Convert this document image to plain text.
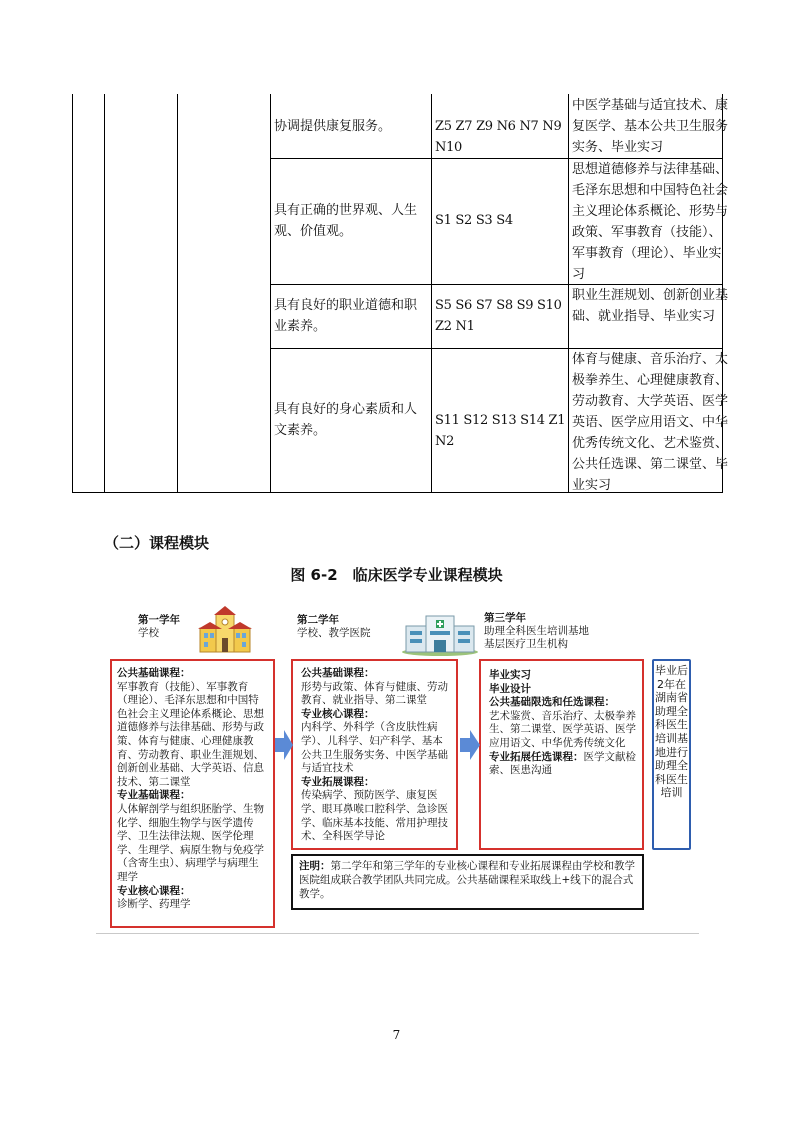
协调提供康复服务。	Z5 Z7 Z9 N6 N7 N9 N10
中医学基础与适宜技术、康复医学、基本公共卫生服务实务、毕业实习
具有正确的世界观、人生观、价值观。
S1 S2 S3 S4
思想道德修养与法律基础、毛泽东思想和中国特色社会主义理论体系概论、形势与政策、军事教育（技能）、军事教育（理论）、毕业实习
具有良好的职业道德和职业素养。
S5 S6 S7 S8 S9 S10 Z2 N1
职业生涯规划、创新创业基础、就业指导、毕业实习
具有良好的身心素质和人文素养。
S11 S12 S13 S14 Z1 N2
体育与健康、音乐治疗、太极拳养生、心理健康教育、劳动教育、大学英语、医学英语、医学应用语文、中华优秀传统文化、艺术鉴赏、公共任选课、第二课堂、毕业实习
（二）课程模块
图 6-2　临床医学专业课程模块
第一学年
学校
第二学年
学校、教学医院
第三学年
助理全科医生培训基地
基层医疗卫生机构

公共基础课程：

军事教育（技能）、军事教育（理论）、毛泽东思想和中国特色社会主义理论体系概论、思想道德修养与法律基础、形势与政策、体育与健康、心理健康教育、劳动教育、职业生涯规划、创新创业基础、大学英语、信息技术、第二课堂

专业基础课程：

人体解剖学与组织胚胎学、生物化学、细胞生物学与医学遗传学、卫生法律法规、医学伦理学、生理学、病原生物与免疫学（含寄生虫）、病理学与病理生理学

专业核心课程：

诊断学、药理学

公共基础课程：

形势与政策、体育与健康、劳动教育、就业指导、第二课堂

专业核心课程：

内科学、外科学（含皮肤性病学）、儿科学、妇产科学、基本公共卫生服务实务、中医学基础与适宜技术

专业拓展课程：

传染病学、预防医学、康复医学、眼耳鼻喉口腔科学、急诊医学、临床基本技能、常用护理技术、全科医学导论

毕业实习

毕业设计

公共基础限选和任选课程：

艺术鉴赏、音乐治疗、太极拳养生、第二课堂、医学英语、医学应用语文、中华优秀传统文化

专业拓展任选课程：医学文献检索、医患沟通

注明：第二学年和第三学年的专业核心课程和专业拓展课程由学校和教学医院组成联合教学团队共同完成。公共基础课程采取线上+线下的混合式教学。
毕业后2年在湖南省助理全科医生培训基地进行助理全科医生培训
7
